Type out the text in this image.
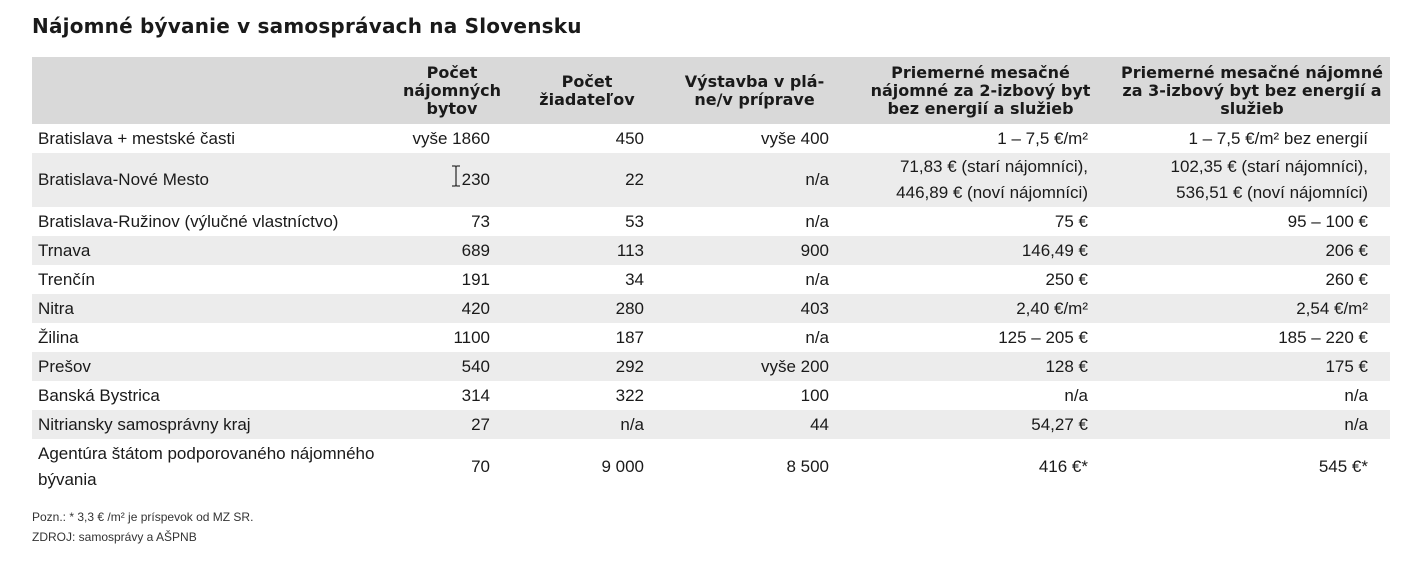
Nájomné bývanie v samosprávach na Slovensku
	Počet nájomných bytov	Počet žiadateľov	Výstavba v plá-ne/v príprave	Priemerné mesačné nájomné za 2-izbový byt bez energií a služieb	Priemerné mesačné nájomné za 3-izbový byt bez energií a služieb
Bratislava + mestské časti	vyše 1860	450	vyše 400	1 – 7,5 €/m²	1 – 7,5 €/m² bez energií
Bratislava-Nové Mesto	230	22	n/a	71,83 € (starí nájomníci), 446,89 € (noví nájomníci)	102,35 € (starí nájomníci), 536,51 € (noví nájomníci)
Bratislava-Ružinov (výlučné vlastníctvo)	73	53	n/a	75 €	95 – 100 €
Trnava	689	113	900	146,49 €	206 €
Trenčín	191	34	n/a	250 €	260 €
Nitra	420	280	403	2,40 €/m²	2,54 €/m²
Žilina	1100	187	n/a	125 – 205 €	185 – 220 €
Prešov	540	292	vyše 200	128 €	175 €
Banská Bystrica	314	322	100	n/a	n/a
Nitriansky samosprávny kraj	27	n/a	44	54,27 €	n/a
Agentúra štátom podporovaného nájomného bývania	70	9 000	8 500	416 €*	545 €*
Pozn.: * 3,3 € /m² je príspevok od MZ SR.
ZDROJ: samosprávy a AŠPNB
